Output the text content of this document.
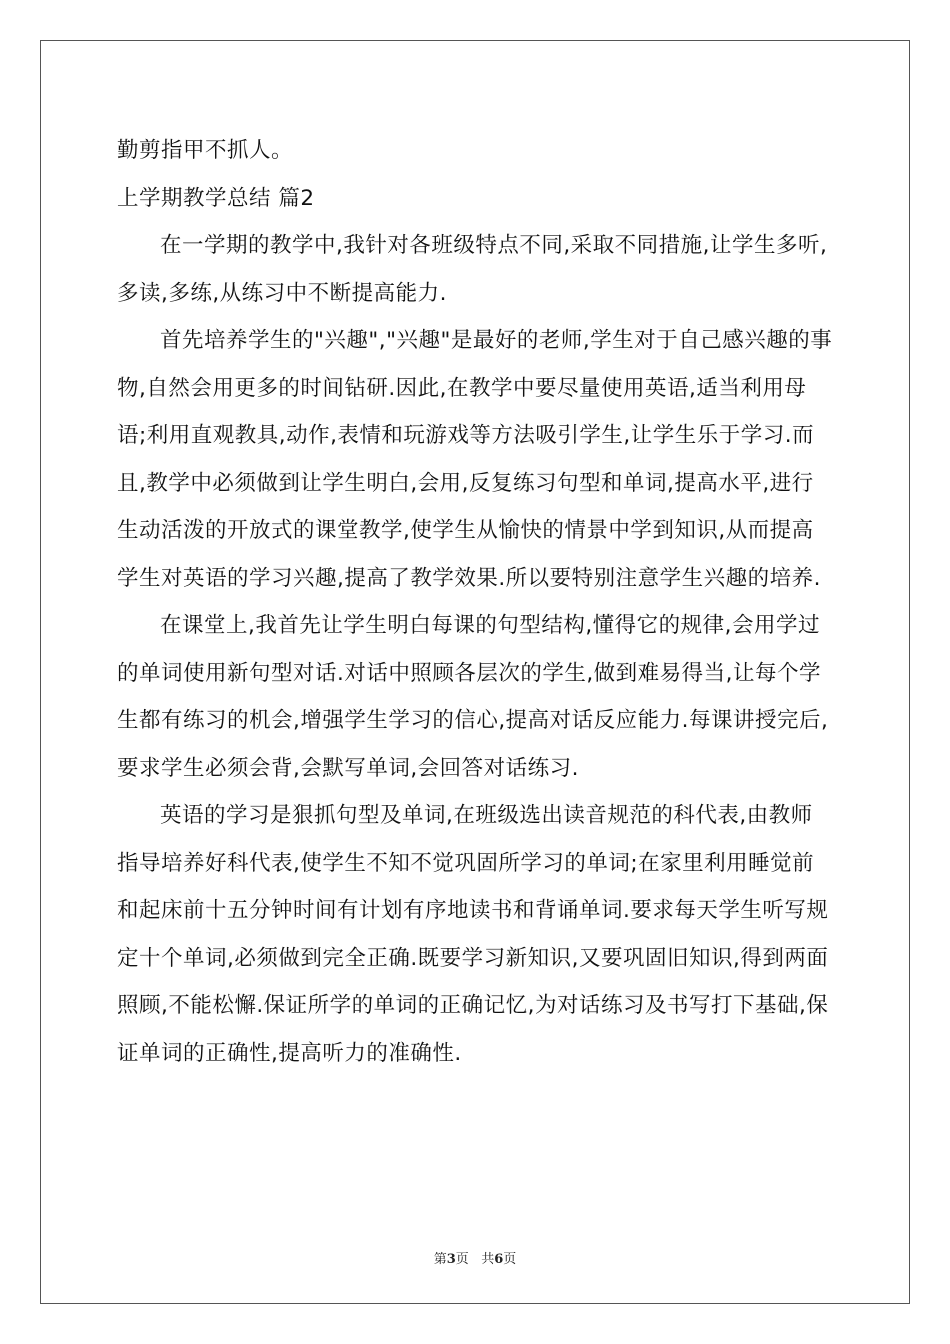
勤剪指甲不抓人。
上学期教学总结 篇2

在一学期的教学中,我针对各班级特点不同,采取不同措施,让学生多听,多读,多练,从练习中不断提高能力.

首先培养学生的"兴趣","兴趣"是最好的老师,学生对于自己感兴趣的事物,自然会用更多的时间钻研.因此,在教学中要尽量使用英语,适当利用母语;利用直观教具,动作,表情和玩游戏等方法吸引学生,让学生乐于学习.而且,教学中必须做到让学生明白,会用,反复练习句型和单词,提高水平,进行生动活泼的开放式的课堂教学,使学生从愉快的情景中学到知识,从而提高学生对英语的学习兴趣,提高了教学效果.所以要特别注意学生兴趣的培养.

在课堂上,我首先让学生明白每课的句型结构,懂得它的规律,会用学过的单词使用新句型对话.对话中照顾各层次的学生,做到难易得当,让每个学生都有练习的机会,增强学生学习的信心,提高对话反应能力.每课讲授完后,要求学生必须会背,会默写单词,会回答对话练习.

英语的学习是狠抓句型及单词,在班级选出读音规范的科代表,由教师指导培养好科代表,使学生不知不觉巩固所学习的单词;在家里利用睡觉前和起床前十五分钟时间有计划有序地读书和背诵单词.要求每天学生听写规定十个单词,必须做到完全正确.既要学习新知识,又要巩固旧知识,得到两面照顾,不能松懈.保证所学的单词的正确记忆,为对话练习及书写打下基础,保证单词的正确性,提高听力的准确性.

第3页 共6页
